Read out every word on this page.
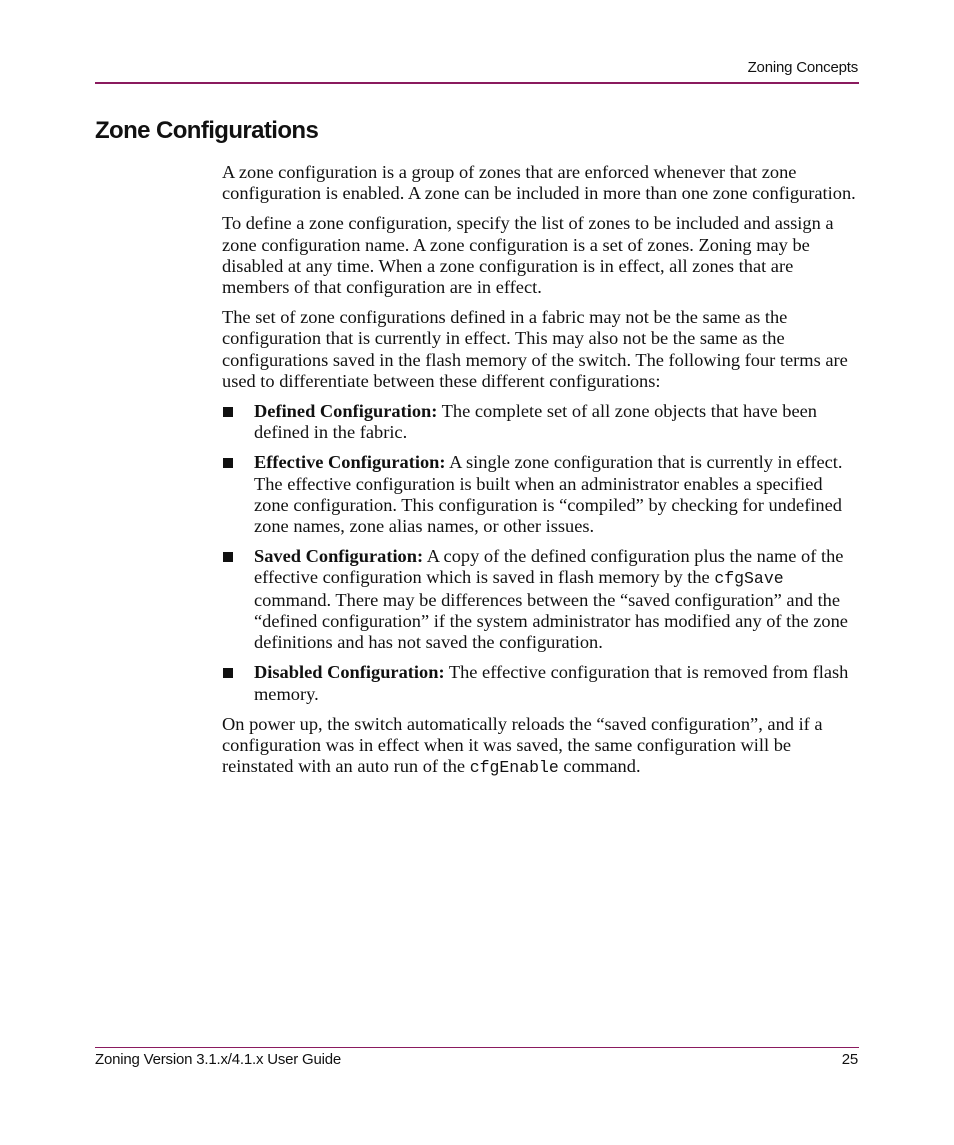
Zoning Concepts
Zone Configurations

A zone configuration is a group of zones that are enforced whenever that zone configuration is enabled. A zone can be included in more than one zone configuration.

To define a zone configuration, specify the list of zones to be included and assign a zone configuration name. A zone configuration is a set of zones. Zoning may be disabled at any time. When a zone configuration is in effect, all zones that are members of that configuration are in effect.

The set of zone configurations defined in a fabric may not be the same as the configuration that is currently in effect. This may also not be the same as the configurations saved in the flash memory of the switch. The following four terms are used to differentiate between these different configurations:

Defined Configuration: The complete set of all zone objects that have been defined in the fabric.
Effective Configuration: A single zone configuration that is currently in effect. The effective configuration is built when an administrator enables a specified zone configuration. This configuration is “compiled” by checking for undefined zone names, zone alias names, or other issues.
Saved Configuration: A copy of the defined configuration plus the name of the effective configuration which is saved in flash memory by the cfgSave command. There may be differences between the “saved configuration” and the “defined configuration” if the system administrator has modified any of the zone definitions and has not saved the configuration.
Disabled Configuration: The effective configuration that is removed from flash memory.

On power up, the switch automatically reloads the “saved configuration”, and if a configuration was in effect when it was saved, the same configuration will be reinstated with an auto run of the cfgEnable command.

Zoning Version 3.1.x/4.1.x User Guide	25
